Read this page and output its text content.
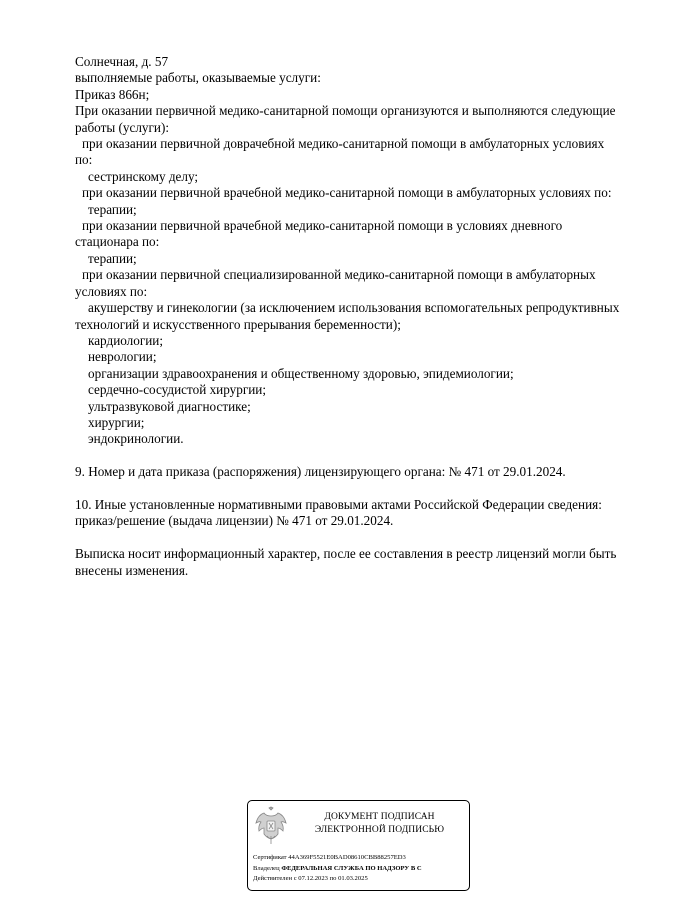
Солнечная, д. 57
выполняемые работы, оказываемые услуги:
Приказ 866н;
При оказании первичной медико-санитарной помощи организуются и выполняются следующие
работы (услуги):
при оказании первичной доврачебной медико-санитарной помощи в амбулаторных условиях
по:
сестринскому делу;
при оказании первичной врачебной медико-санитарной помощи в амбулаторных условиях по:
терапии;
при оказании первичной врачебной медико-санитарной помощи в условиях дневного
стационара по:
терапии;
при оказании первичной специализированной медико-санитарной помощи в амбулаторных
условиях по:
акушерству и гинекологии (за исключением использования вспомогательных репродуктивных
технологий и искусственного прерывания беременности);
кардиологии;
неврологии;
организации здравоохранения и общественному здоровью, эпидемиологии;
сердечно-сосудистой хирургии;
ультразвуковой диагностике;
хирургии;
эндокринологии.
9. Номер и дата приказа (распоряжения) лицензирующего органа: № 471 от 29.01.2024.
10. Иные установленные нормативными правовыми актами Российской Федерации сведения:
приказ/решение (выдача лицензии) № 471 от 29.01.2024.
Выписка носит информационный характер, после ее составления в реестр лицензий могли быть
внесены изменения.
ДОКУМЕНТ ПОДПИСАН
ЭЛЕКТРОННОЙ ПОДПИСЬЮ
Сертификат 44A369F5521E0BAD08610CBB88257ED3
Владелец ФЕДЕРАЛЬНАЯ СЛУЖБА ПО НАДЗОРУ В С
Действителен с 07.12.2023 по 01.03.2025
